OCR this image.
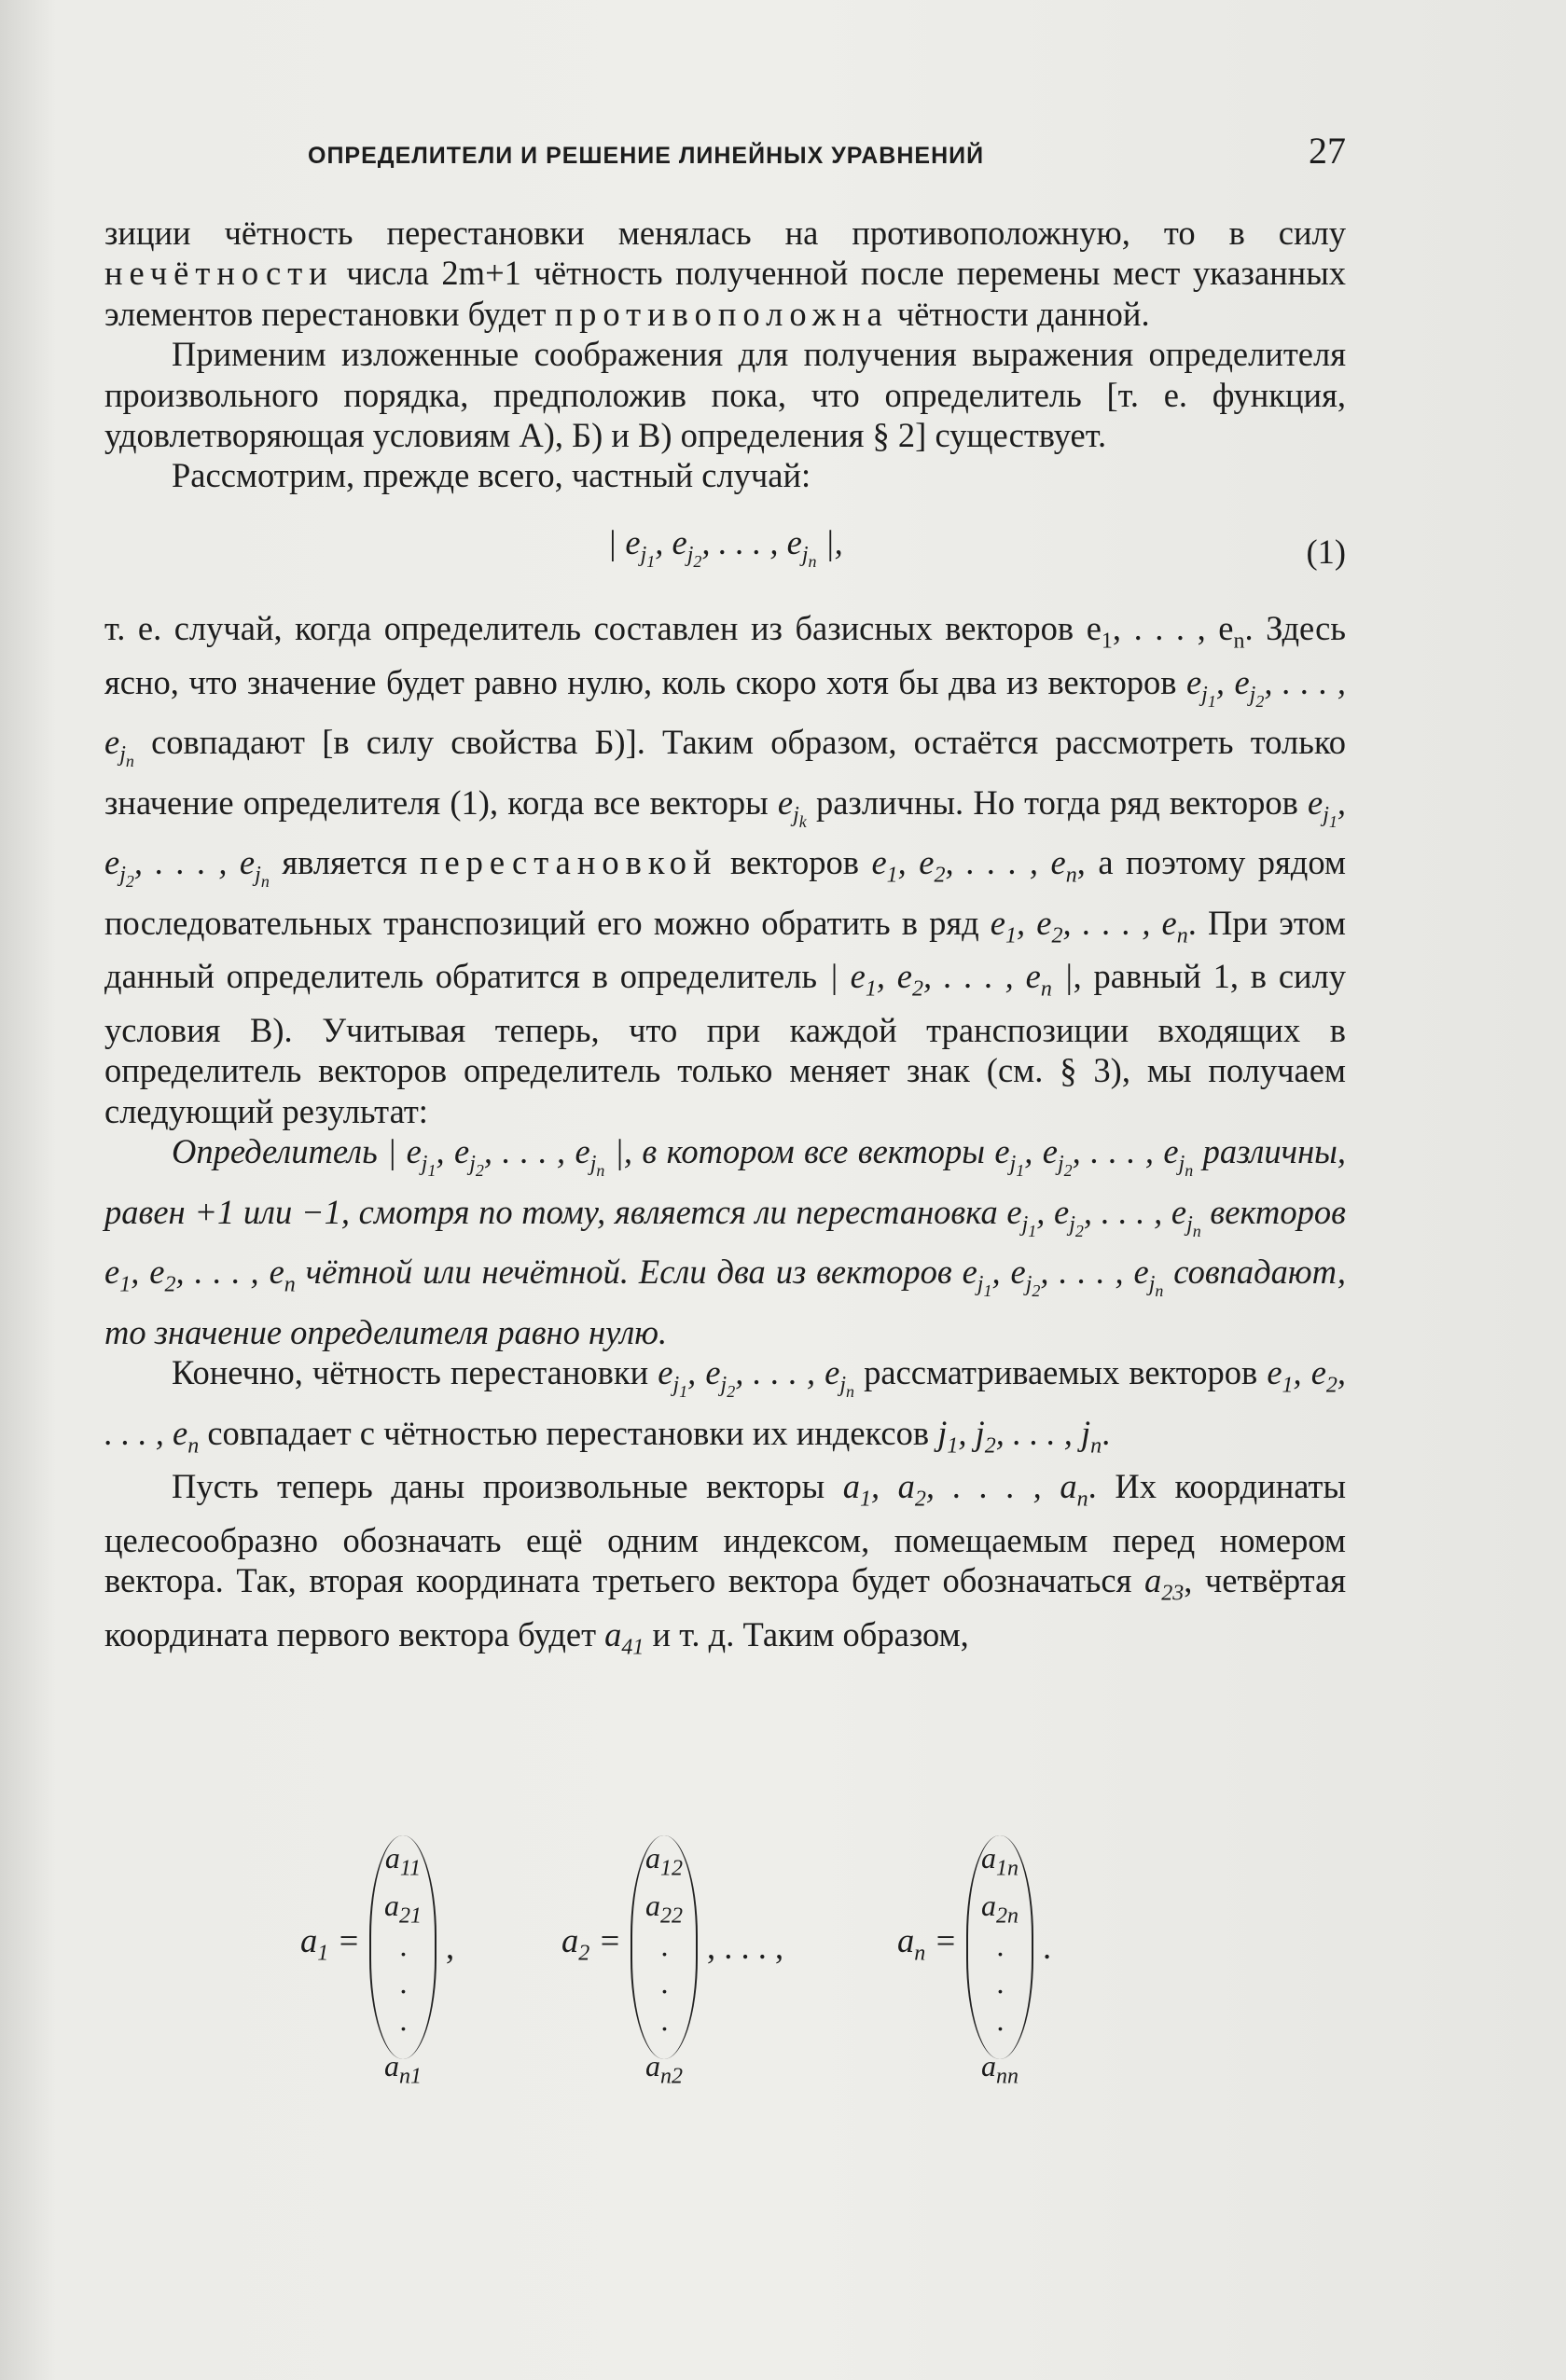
ОПРЕДЕЛИТЕЛИ И РЕШЕНИЕ ЛИНЕЙНЫХ УРАВНЕНИЙ	27

зиции чётность перестановки менялась на противоположную, то в силу нечётности числа 2m+1 чётность полученной после перемены мест указанных элементов перестановки будет противоположна чётности данной.

Применим изложенные соображения для получения выражения определителя произвольного порядка, предположив пока, что определитель [т. е. функция, удовлетворяющая условиям А), Б) и В) определения § 2] существует.

Рассмотрим, прежде всего, частный случай:

| $e_{j_1}$, $e_{j_2}$, . . . , $e_{j_n}$ |,	(1)

т. е. случай, когда определитель составлен из базисных векторов $e_1$, . . . , $e_n$. Здесь ясно, что значение будет равно нулю, коль скоро хотя бы два из векторов $e_{j_1}$, $e_{j_2}$, . . . , $e_{j_n}$ совпадают [в силу свойства Б)]. Таким образом, остаётся рассмотреть только значение определителя (1), когда все векторы $e_{j_k}$ различны. Но тогда ряд векторов $e_{j_1}$, $e_{j_2}$, . . . , $e_{j_n}$ является перестановкой векторов $e_1$, $e_2$, . . . , $e_n$, а поэтому рядом последовательных транспозиций его можно обратить в ряд $e_1$, $e_2$, . . . , $e_n$. При этом данный определитель обратится в определитель | $e_1$, $e_2$, . . . , $e_n$ |, равный 1, в силу условия В). Учитывая теперь, что при каждой транспозиции входящих в определитель векторов определитель только меняет знак (см. § 3), мы получаем следующий результат:

Определитель | $e_{j_1}$, $e_{j_2}$, . . . , $e_{j_n}$ |, в котором все векторы $e_{j_1}$, $e_{j_2}$, . . . , $e_{j_n}$ различны, равен +1 или −1, смотря по тому, является ли перестановка $e_{j_1}$, $e_{j_2}$, . . . , $e_{j_n}$ векторов $e_1$, $e_2$, . . . , $e_n$ чётной или нечётной. Если два из векторов $e_{j_1}$, $e_{j_2}$, . . . , $e_{j_n}$ совпадают, то значение определителя равно нулю.

Конечно, чётность перестановки $e_{j_1}$, $e_{j_2}$, . . . , $e_{j_n}$ рассматриваемых векторов $e_1$, $e_2$, . . . , $e_n$ совпадает с чётностью перестановки их индексов $j_1$, $j_2$, . . . , $j_n$.

Пусть теперь даны произвольные векторы $a_1$, $a_2$, . . . , $a_n$. Их координаты целесообразно обозначать ещё одним индексом, помещаемым перед номером вектора. Так, вторая координата третьего вектора будет обозначаться $a_{23}$, четвёртая координата первого вектора будет $a_{41}$ и т. д. Таким образом,

$a_1$ =
$a_{11}$
$a_{21}$
·
·
·
$a_{n1}$
,	$a_2$ =
$a_{12}$
$a_{22}$
·
·
·
$a_{n2}$
, . . . ,	$a_n$ =
$a_{1n}$
$a_{2n}$
·
·
·
$a_{nn}$
.
